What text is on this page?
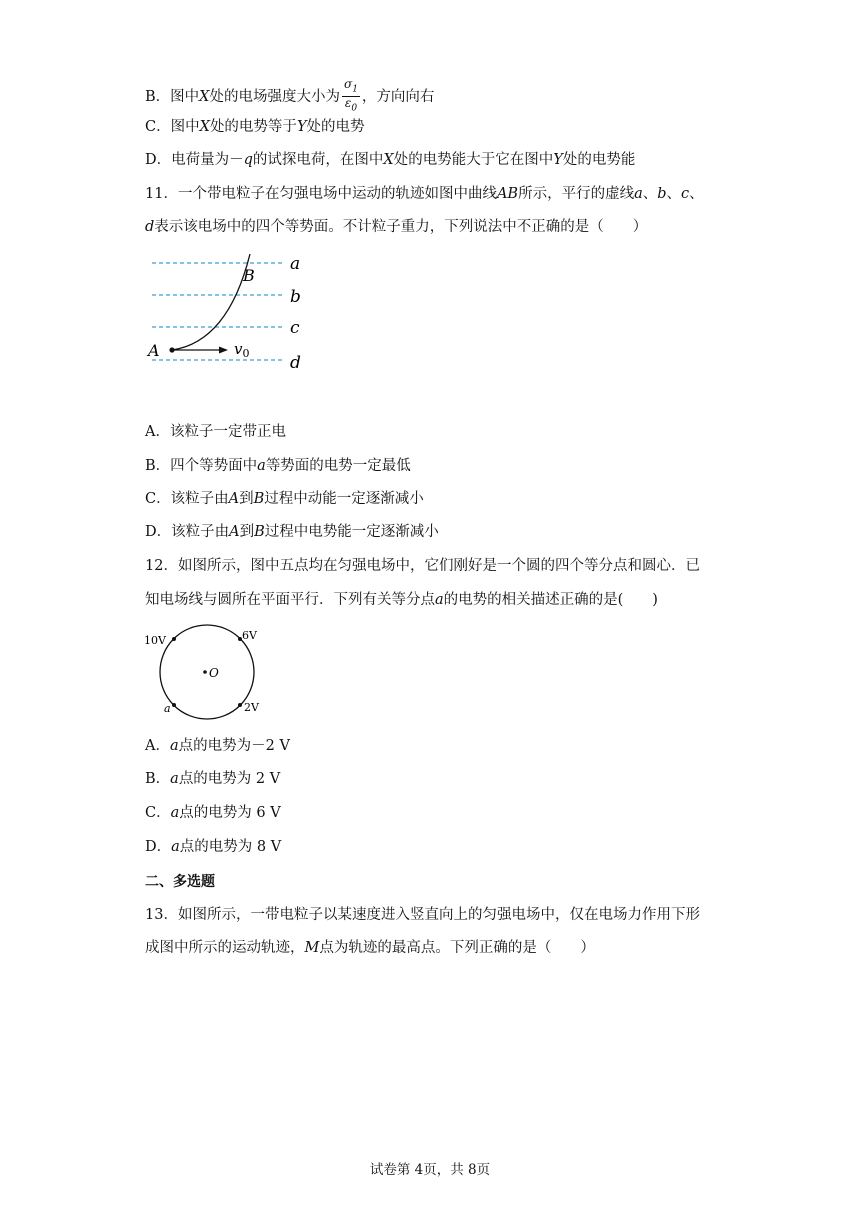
B．图中X处的电场强度大小为 $\frac{\sigma_1}{\varepsilon_0}$ ，方向向右
C．图中X处的电势等于Y处的电势
D．电荷量为－q的试探电荷，在图中X处的电势能大于它在图中Y处的电势能
11．一个带电粒子在匀强电场中运动的轨迹如图中曲线AB所示，平行的虚线a、b、c、
d表示该电场中的四个等势面。不计粒子重力，下列说法中不正确的是（　　）
A
B
$v_0$
a
b
c
d
A．该粒子一定带正电
B．四个等势面中a等势面的电势一定最低
C．该粒子由A到B过程中动能一定逐渐减小
D．该粒子由A到B过程中电势能一定逐渐减小
12．如图所示，图中五点均在匀强电场中，它们刚好是一个圆的四个等分点和圆心．已
知电场线与圆所在平面平行．下列有关等分点a的电势的相关描述正确的是(　　)
10V	6V
2V
a
O
A．a点的电势为－2 V
B．a点的电势为 2 V
C．a点的电势为 6 V
D．a点的电势为 8 V
二、多选题
13．如图所示，一带电粒子以某速度进入竖直向上的匀强电场中，仅在电场力作用下形
成图中所示的运动轨迹，M点为轨迹的最高点。下列正确的是（　　）
试卷第 4页，共 8页
